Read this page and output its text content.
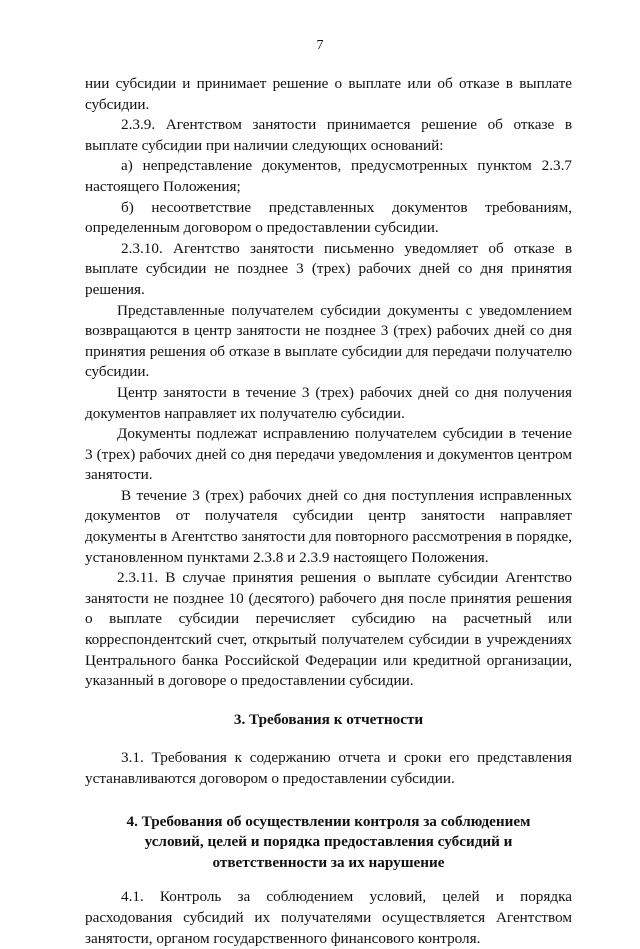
7

нии субсидии и принимает решение о выплате или об отказе в выплате субсидии.

2.3.9. Агентством занятости принимается решение об отказе в выплате субсидии при наличии следующих оснований:

а) непредставление документов, предусмотренных пунктом 2.3.7 настоящего Положения;

б) несоответствие представленных документов требованиям, определенным договором о предоставлении субсидии.

2.3.10. Агентство занятости письменно уведомляет об отказе в выплате субсидии не позднее 3 (трех) рабочих дней со дня принятия решения.

Представленные получателем субсидии документы с уведомлением возвращаются в центр занятости не позднее 3 (трех) рабочих дней со дня принятия решения об отказе в выплате субсидии для передачи получателю субсидии.

Центр занятости в течение 3 (трех) рабочих дней со дня получения документов направляет их получателю субсидии.

Документы подлежат исправлению получателем субсидии в течение 3 (трех) рабочих дней со дня передачи уведомления и документов центром занятости.

В течение 3 (трех) рабочих дней со дня поступления исправленных документов от получателя субсидии центр занятости направляет документы в Агентство занятости для повторного рассмотрения в порядке, установленном пунктами 2.3.8 и 2.3.9 настоящего Положения.

2.3.11. В случае принятия решения о выплате субсидии Агентство занятости не позднее 10 (десятого) рабочего дня после принятия решения о выплате субсидии перечисляет субсидию на расчетный или корреспондентский счет, открытый получателем субсидии в учреждениях Центрального банка Российской Федерации или кредитной организации, указанный в договоре о предоставлении субсидии.

3. Требования к отчетности

3.1. Требования к содержанию отчета и сроки его представления устанавливаются договором о предоставлении субсидии.

4. Требования об осуществлении контроля за соблюдением
условий, целей и порядка предоставления субсидий и
ответственности за их нарушение

4.1. Контроль за соблюдением условий, целей и порядка расходования субсидий их получателями осуществляется Агентством занятости, органом государственного финансового контроля.
